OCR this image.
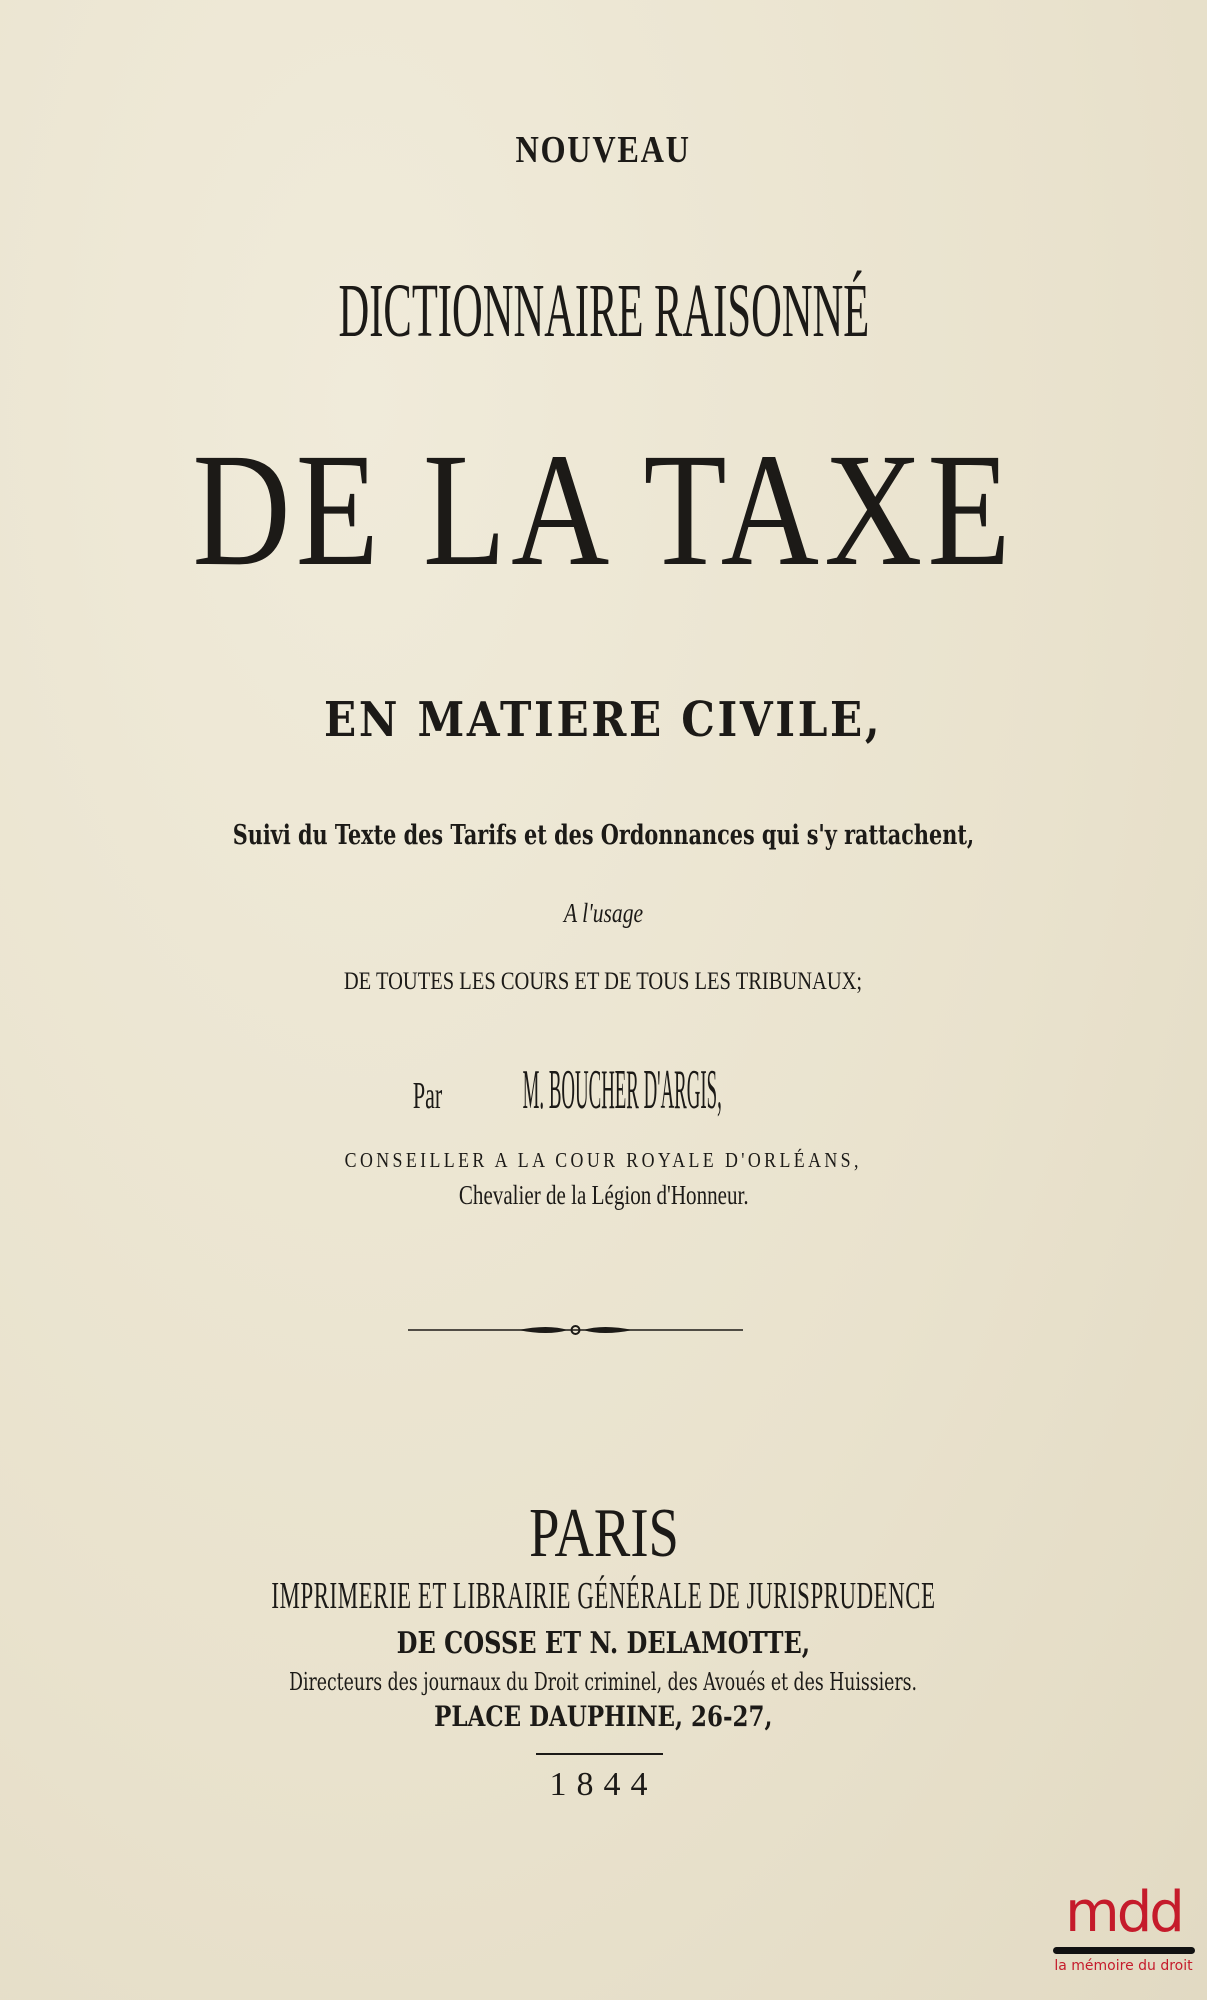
NOUVEAU
DICTIONNAIRE RAISONNÉ
DE LA TAXE
EN MATIERE CIVILE,
Suivi du Texte des Tarifs et des Ordonnances qui s'y rattachent,
A l'usage
DE TOUTES LES COURS ET DE TOUS LES TRIBUNAUX;
Par M. BOUCHER D'ARGIS,
CONSEILLER A LA COUR ROYALE D'ORLÉANS,
Chevalier de la Légion d'Honneur.
PARIS
IMPRIMERIE ET LIBRAIRIE GÉNÉRALE DE JURISPRUDENCE
DE COSSE ET N. DELAMOTTE,
Directeurs des journaux du Droit criminel, des Avoués et des Huissiers.
PLACE DAUPHINE, 26-27,
1844
mdd
la mémoire du droit
